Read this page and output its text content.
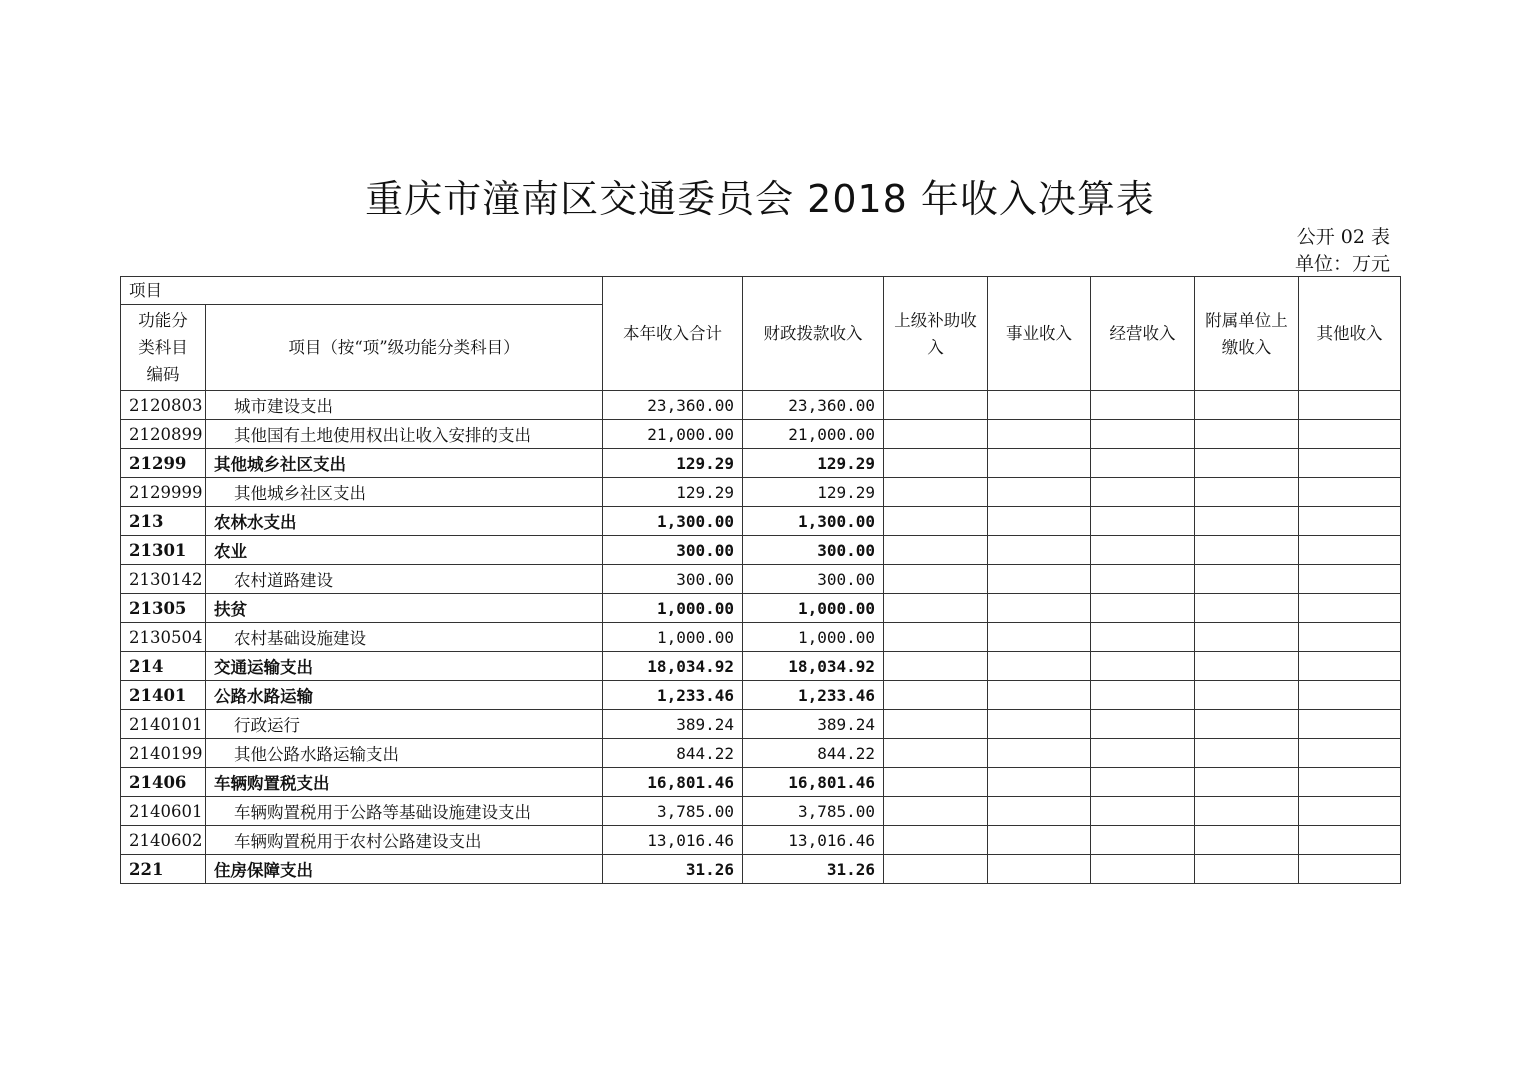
重庆市潼南区交通委员会 2018 年收入决算表
公开 02 表
单位：万元
项目		本年收入合计	财政拨款收入	上级补助收入	事业收入	经营收入	附属单位上缴收入	其他收入
功能分类科目编码	项目（按“项”级功能分类科目）							
2120803	城市建设支出	23,360.00	23,360.00					
2120899	其他国有土地使用权出让收入安排的支出	21,000.00	21,000.00					
21299	其他城乡社区支出	129.29	129.29					
2129999	其他城乡社区支出	129.29	129.29					
213	农林水支出	1,300.00	1,300.00					
21301	农业	300.00	300.00					
2130142	农村道路建设	300.00	300.00					
21305	扶贫	1,000.00	1,000.00					
2130504	农村基础设施建设	1,000.00	1,000.00					
214	交通运输支出	18,034.92	18,034.92					
21401	公路水路运输	1,233.46	1,233.46					
2140101	行政运行	389.24	389.24					
2140199	其他公路水路运输支出	844.22	844.22					
21406	车辆购置税支出	16,801.46	16,801.46					
2140601	车辆购置税用于公路等基础设施建设支出	3,785.00	3,785.00					
2140602	车辆购置税用于农村公路建设支出	13,016.46	13,016.46					
221	住房保障支出	31.26	31.26					
